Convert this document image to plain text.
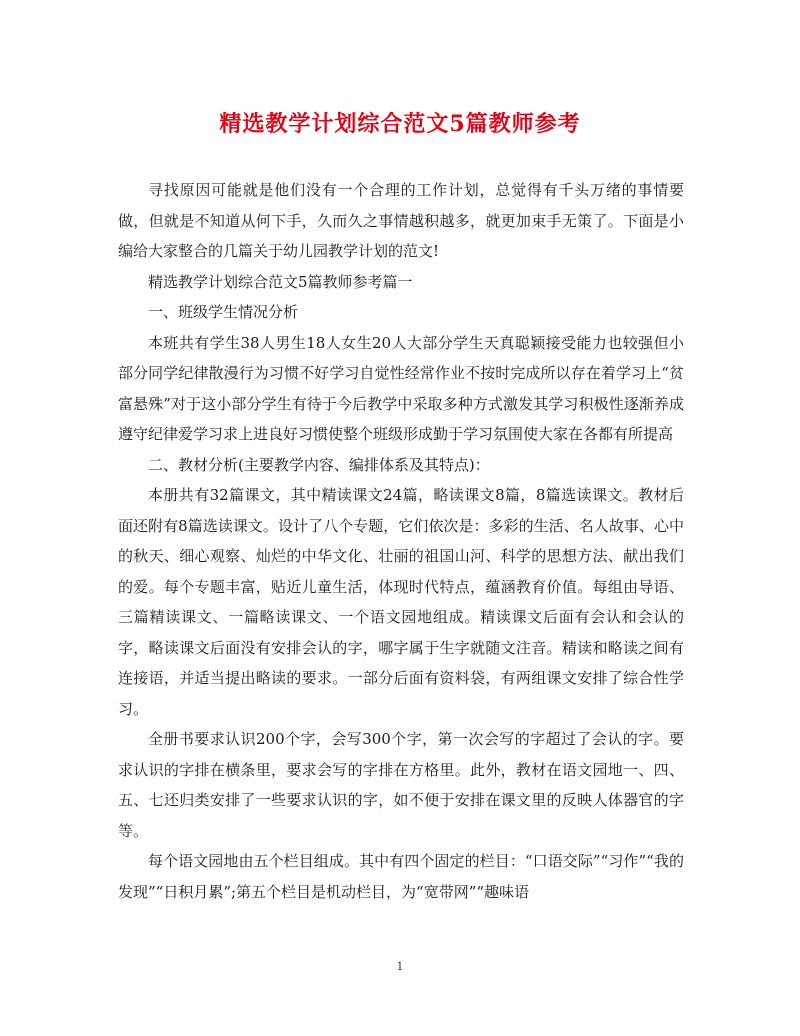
精选教学计划综合范文5篇教师参考

寻找原因可能就是他们没有一个合理的工作计划，总觉得有千头万绪的事情要做，但就是不知道从何下手，久而久之事情越积越多，就更加束手无策了。下面是小编给大家整合的几篇关于幼儿园教学计划的范文!

精选教学计划综合范文5篇教师参考篇一

一、班级学生情况分析

本班共有学生38人男生18人女生20人大部分学生天真聪颖接受能力也较强但小部分同学纪律散漫行为习惯不好学习自觉性经常作业不按时完成所以存在着学习上“贫富悬殊”对于这小部分学生有待于今后教学中采取多种方式激发其学习积极性逐渐养成遵守纪律爱学习求上进良好习惯使整个班级形成勤于学习氛围使大家在各都有所提高

二、教材分析(主要教学内容、编排体系及其特点)：

本册共有32篇课文，其中精读课文24篇，略读课文8篇，8篇选读课文。教材后面还附有8篇选读课文。设计了八个专题，它们依次是：多彩的生活、名人故事、心中的秋天、细心观察、灿烂的中华文化、壮丽的祖国山河、科学的思想方法、献出我们的爱。每个专题丰富，贴近儿童生活，体现时代特点，蕴涵教育价值。每组由导语、三篇精读课文、一篇略读课文、一个语文园地组成。精读课文后面有会认和会认的字，略读课文后面没有安排会认的字，哪字属于生字就随文注音。精读和略读之间有连接语，并适当提出略读的要求。一部分后面有资料袋，有两组课文安排了综合性学习。

全册书要求认识200个字，会写300个字，第一次会写的字超过了会认的字。要求认识的字排在横条里，要求会写的字排在方格里。此外，教材在语文园地一、四、五、七还归类安排了一些要求认识的字，如不便于安排在课文里的反映人体器官的字等。

每个语文园地由五个栏目组成。其中有四个固定的栏目：“口语交际”“习作”“我的发现”“日积月累”;第五个栏目是机动栏目，为“宽带网”“趣味语

1
